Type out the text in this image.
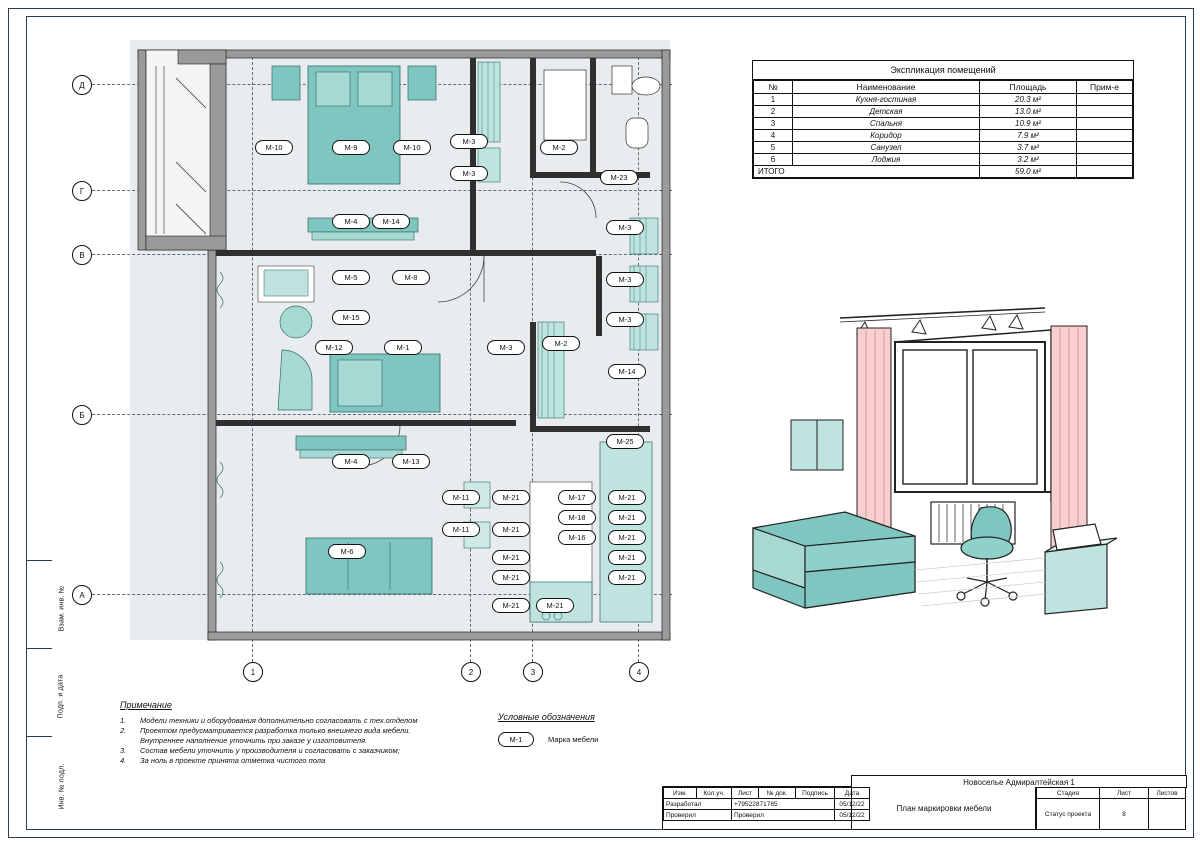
Взам. инв. №
Подп. и дата
Инв. № подл.
Д
Г
В
Б
А
1	2	3	4
М-10	М-9	М-10
М-3
М-2
М-3	М-23
М-4	М-14
М-3
М-3
М-3
М-5	М-8
М-15
М-12	М-1	М-3	М-2
М-14
М-4	М-13
М-25
М-11	М-21	М-17	М-21
М-21
М-18
М-11	М-21
М-16	М-21
М-6
М-21	М-21
М-21	М-21
М-21	М-21
Экспликация помещений
№	Наименование	Площадь	Прим-е
1	Кухня-гостиная	20.3 м²	
2	Детская	13.0 м²	
3	Спальня	10.9 м²	
4	Коридор	7.9 м²	
5	Санузел	3.7 м²	
6	Лоджия	3.2 м²	
ИТОГО		59.0 м²	
Примечание
1.	Модели техники и оборудования дополнительно согласовать с тех.отделом
2.	Проектом предусматривается разработка только внешнего вида мебели.
Внутреннее наполнение уточнить при заказе у изготовителя.
3.	Состав мебели уточнить у производителя и согласовать с заказчиком;
4.	За ноль в проекте принята отметка чистого пола
Условные обозначения
М-1	Марка мебели
Новоселье Адмиралтейская 1
Изм.	Кол.уч.	Лист	№ док.	Подпись	Дата
Разработал		+79522871785			05/12/22
Проверил		Проверил			05/12/22
План маркировки мебели
Стадия	Лист	Листов
Статус проекта	8	
